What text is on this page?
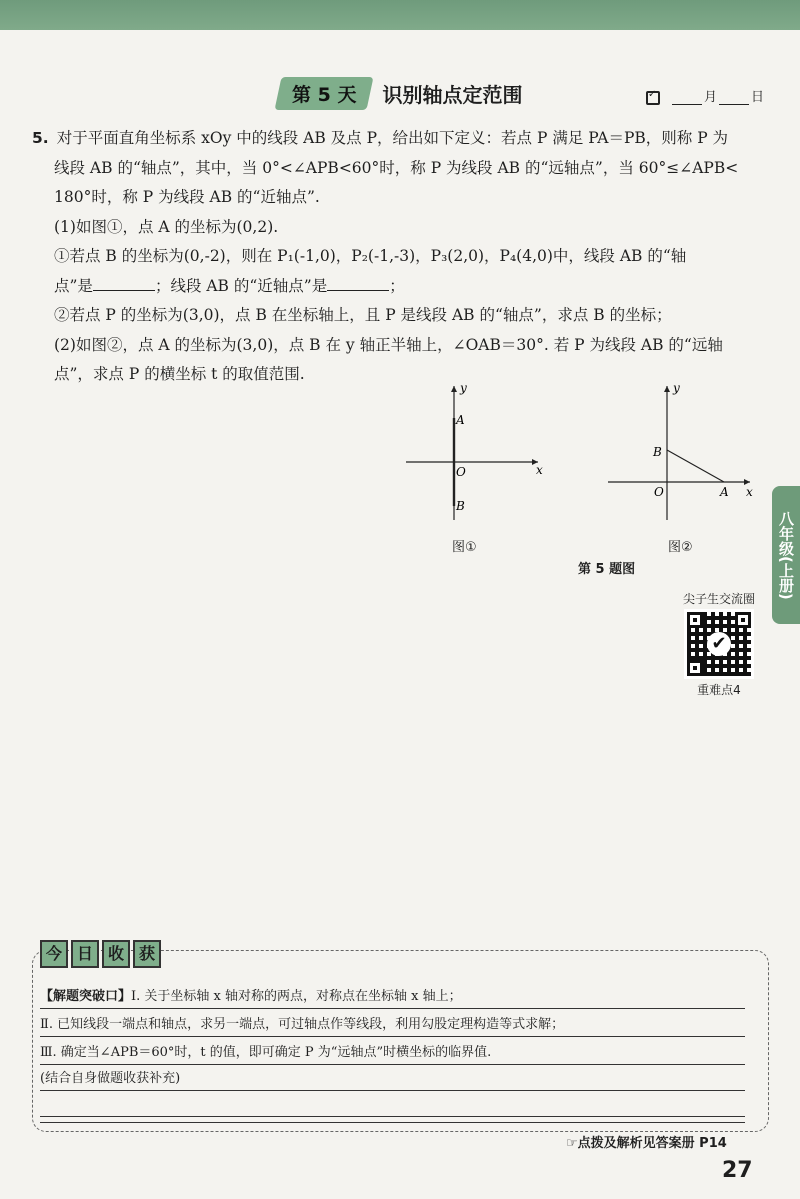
第 5 天	识别轴点定范围
✓	月	日

5. 对于平面直角坐标系 xOy 中的线段 AB 及点 P，给出如下定义：若点 P 满足 PA＝PB，则称 P 为

线段 AB 的“轴点”，其中，当 0°<∠APB<60°时，称 P 为线段 AB 的“远轴点”，当 60°≤∠APB<

180°时，称 P 为线段 AB 的“近轴点”.

(1)如图①，点 A 的坐标为(0,2).

①若点 B 的坐标为(0,-2)，则在 P₁(-1,0)，P₂(-1,-3)，P₃(2,0)，P₄(4,0)中，线段 AB 的“轴

点”是	；线段 AB 的“近轴点”是	；

②若点 P 的坐标为(3,0)，点 B 在坐标轴上，且 P 是线段 AB 的“轴点”，求点 B 的坐标；

(2)如图②，点 A 的坐标为(3,0)，点 B 在 y 轴正半轴上，∠OAB＝30°. 若 P 为线段 AB 的“远轴

点”，求点 P 的横坐标 t 的取值范围.

x
y
O
A
B
x
y
O	A
B
图①	图②
第 5 题图	八年级(上册)
尖子生交流圈
✔
重难点4
今 日 收 获
【解题突破口】Ⅰ. 关于坐标轴 x 轴对称的两点，对称点在坐标轴 x 轴上；
Ⅱ. 已知线段一端点和轴点，求另一端点，可过轴点作等线段，利用勾股定理构造等式求解；
Ⅲ. 确定当∠APB＝60°时，t 的值，即可确定 P 为“远轴点”时横坐标的临界值.
(结合自身做题收获补充)
☞点拨及解析见答案册 P14
27
